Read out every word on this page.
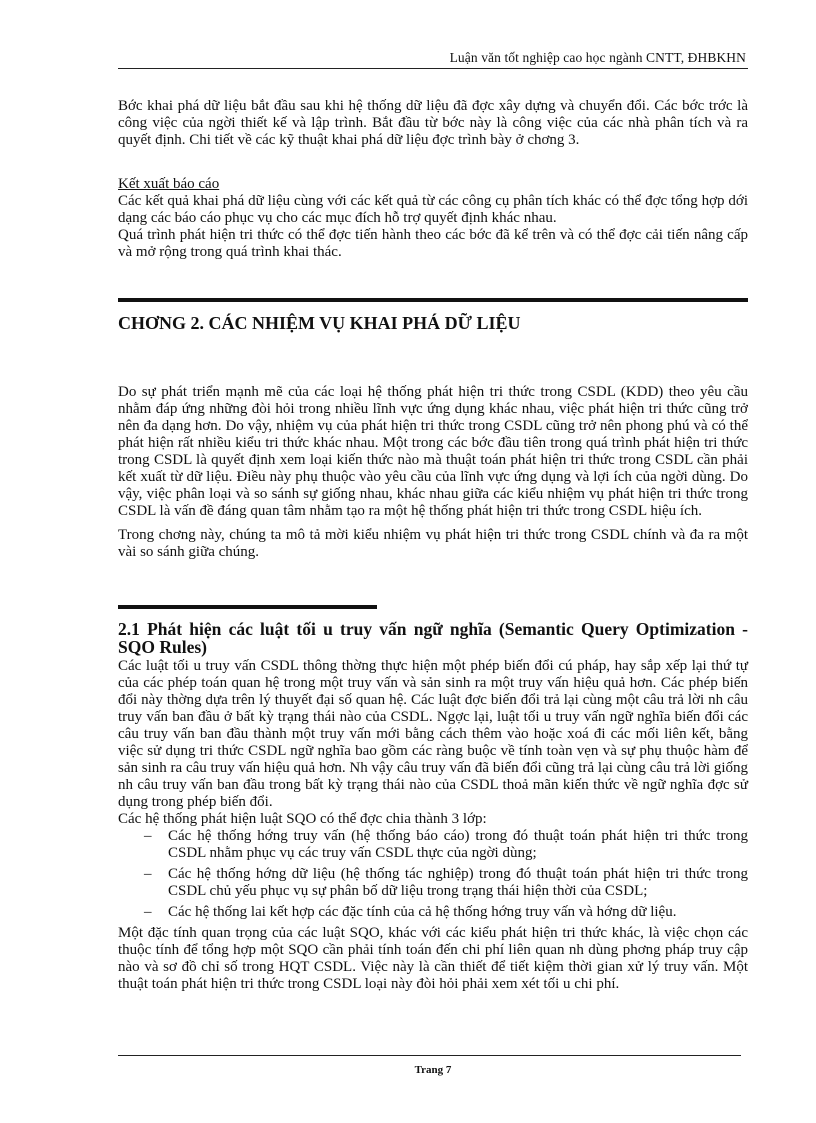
Luận văn tốt nghiệp cao học ngành CNTT, ĐHBKHN

Bớc khai phá dữ liệu bắt đầu sau khi hệ thống dữ liệu đã đợc xây dựng và chuyển đổi. Các bớc trớc là công việc của ngời thiết kế và lập trình. Bắt đầu từ bớc này là công việc của các nhà phân tích và ra quyết định. Chi tiết về các kỹ thuật khai phá dữ liệu đợc trình bày ở chơng 3.

Kết xuất báo cáo

Các kết quả khai phá dữ liệu cùng với các kết quả từ các công cụ phân tích khác có thể đợc tổng hợp dới dạng các báo cáo phục vụ cho các mục đích hỗ trợ quyết định khác nhau.

Quá trình phát hiện tri thức có thể đợc tiến hành theo các bớc đã kể trên và có thể đợc cải tiến nâng cấp và mở rộng trong quá trình khai thác.

CHƠNG 2. CÁC NHIỆM VỤ KHAI PHÁ DỮ LIỆU

Do sự phát triển mạnh mẽ của các loại hệ thống phát hiện tri thức trong CSDL (KDD) theo yêu cầu nhằm đáp ứng những đòi hỏi trong nhiều lĩnh vực ứng dụng khác nhau, việc phát hiện tri thức cũng trở nên đa dạng hơn. Do vậy, nhiệm vụ của phát hiện tri thức trong CSDL cũng trở nên phong phú và có thể phát hiện rất nhiều kiểu tri thức khác nhau. Một trong các bớc đầu tiên trong quá trình phát hiện tri thức trong CSDL là quyết định xem loại kiến thức nào mà thuật toán phát hiện tri thức trong CSDL cần phải kết xuất từ dữ liệu. Điều này phụ thuộc vào yêu cầu của lĩnh vực ứng dụng và lợi ích của ngời dùng. Do vậy, việc phân loại và so sánh sự giống nhau, khác nhau giữa các kiểu nhiệm vụ phát hiện tri thức trong CSDL là vấn đề đáng quan tâm nhằm tạo ra một hệ thống phát hiện tri thức trong CSDL hiệu ích.

Trong chơng này, chúng ta mô tả mời kiểu nhiệm vụ phát hiện tri thức trong CSDL chính và đa ra một vài so sánh giữa chúng.

2.1 Phát hiện các luật tối u truy vấn ngữ nghĩa (Semantic Query Optimization - SQO Rules)

Các luật tối u truy vấn CSDL thông thờng thực hiện một phép biến đổi cú pháp, hay sắp xếp lại thứ tự của các phép toán quan hệ trong một truy vấn và sản sinh ra một truy vấn hiệu quả hơn. Các phép biến đổi này thờng dựa trên lý thuyết đại số quan hệ. Các luật đợc biến đổi trả lại cùng một câu trả lời nh câu truy vấn ban đầu ở bất kỳ trạng thái nào của CSDL. Ngợc lại, luật tối u truy vấn ngữ nghĩa biến đổi các câu truy vấn ban đầu thành một truy vấn mới bằng cách thêm vào hoặc xoá đi các mối liên kết, bằng việc sử dụng tri thức CSDL ngữ nghĩa bao gồm các ràng buộc về tính toàn vẹn và sự phụ thuộc hàm để sản sinh ra câu truy vấn hiệu quả hơn. Nh vậy câu truy vấn đã biến đổi cũng trả lại cùng câu trả lời giống nh câu truy vấn ban đầu trong bất kỳ trạng thái nào của CSDL thoả mãn kiến thức về ngữ nghĩa đợc sử dụng trong phép biến đổi.

Các hệ thống phát hiện luật SQO có thể đợc chia thành 3 lớp:

– Các hệ thống hớng truy vấn (hệ thống báo cáo) trong đó thuật toán phát hiện tri thức trong CSDL nhằm phục vụ các truy vấn CSDL thực của ngời dùng;
– Các hệ thống hớng dữ liệu (hệ thống tác nghiệp) trong đó thuật toán phát hiện tri thức trong CSDL chủ yếu phục vụ sự phân bố dữ liệu trong trạng thái hiện thời của CSDL;
– Các hệ thống lai kết hợp các đặc tính của cả hệ thống hớng truy vấn và hớng dữ liệu.

Một đặc tính quan trọng của các luật SQO, khác với các kiểu phát hiện tri thức khác, là việc chọn các thuộc tính để tổng hợp một SQO cần phải tính toán đến chi phí liên quan nh dùng phơng pháp truy cập nào và sơ đồ chỉ số trong HQT CSDL. Việc này là cần thiết để tiết kiệm thời gian xử lý truy vấn. Một thuật toán phát hiện tri thức trong CSDL loại này đòi hỏi phải xem xét tối u chi phí.

Trang 7
